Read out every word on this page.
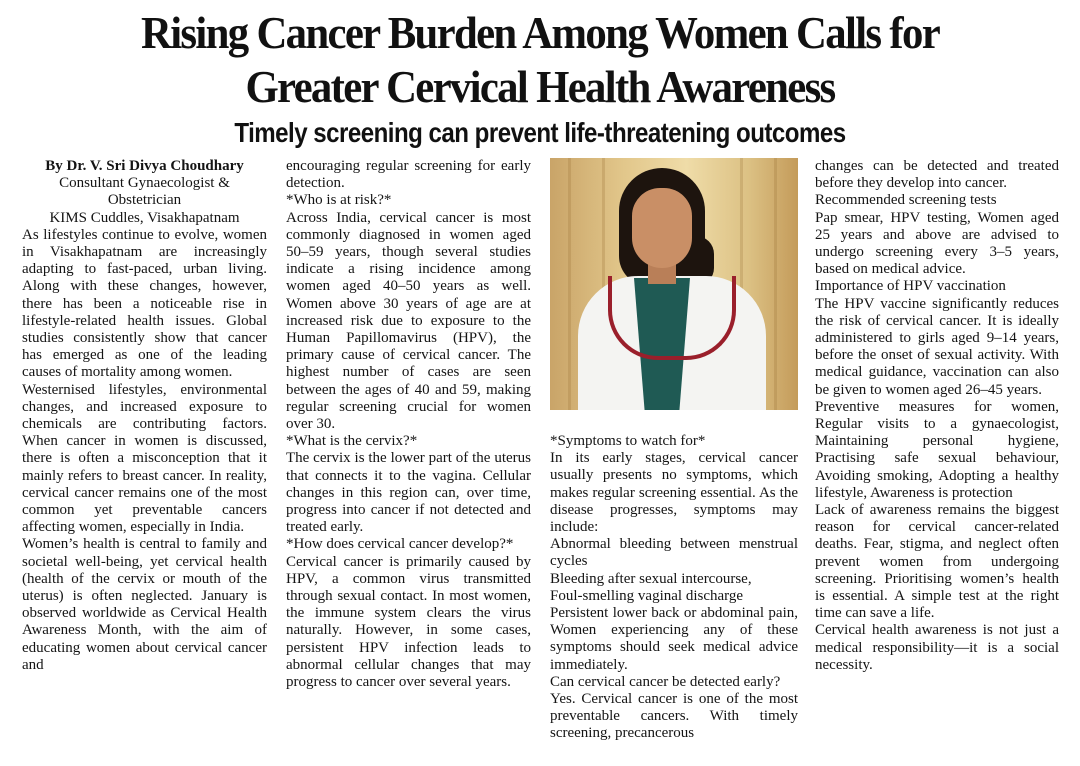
Rising Cancer Burden Among Women Calls for
Greater Cervical Health Awareness
Timely screening can prevent life-threatening outcomes

By Dr. V. Sri Divya Choudhary

Consultant Gynaecologist &

Obstetrician

KIMS Cuddles, Visakhapatnam

As lifestyles continue to evolve, women in Visakhapatnam are increasingly adapting to fast-paced, urban living. Along with these changes, however, there has been a noticeable rise in lifestyle-related health issues. Global studies consistently show that cancer has emerged as one of the leading causes of mortality among women.

Westernised lifestyles, environmental changes, and increased exposure to chemicals are contributing factors. When cancer in women is discussed, there is often a misconception that it mainly refers to breast cancer. In reality, cervical cancer remains one of the most common yet preventable cancers affecting women, especially in India.

Women’s health is central to family and societal well-being, yet cervical health (health of the cervix or mouth of the uterus) is often neglected. January is observed worldwide as Cervical Health Awareness Month, with the aim of educating women about cervical cancer and

encouraging regular screening for early detection.

*Who is at risk?*

Across India, cervical cancer is most commonly diagnosed in women aged 50–59 years, though several studies indicate a rising incidence among women aged 40–50 years as well. Women above 30 years of age are at increased risk due to exposure to the Human Papillomavirus (HPV), the primary cause of cervical cancer. The highest number of cases are seen between the ages of 40 and 59, making regular screening crucial for women over 30.

*What is the cervix?*

The cervix is the lower part of the uterus that connects it to the vagina. Cellular changes in this region can, over time, progress into cancer if not detected and treated early.

*How does cervical cancer develop?*

Cervical cancer is primarily caused by HPV, a common virus transmitted through sexual contact. In most women, the immune system clears the virus naturally. However, in some cases, persistent HPV infection leads to abnormal cellular changes that may progress to cancer over several years.

*Symptoms to watch for*

In its early stages, cervical cancer usually presents no symptoms, which makes regular screening essential. As the disease progresses, symptoms may include:

Abnormal bleeding between menstrual cycles

Bleeding after sexual intercourse,

Foul-smelling vaginal discharge

Persistent lower back or abdominal pain, Women experiencing any of these symptoms should seek medical advice immediately.

Can cervical cancer be detected early?

Yes. Cervical cancer is one of the most preventable cancers. With timely screening, precancerous

changes can be detected and treated before they develop into cancer.

Recommended screening tests

Pap smear, HPV testing, Women aged 25 years and above are advised to undergo screening every 3–5 years, based on medical advice.

Importance of HPV vaccination

The HPV vaccine significantly reduces the risk of cervical cancer. It is ideally administered to girls aged 9–14 years, before the onset of sexual activity. With medical guidance, vaccination can also be given to women aged 26–45 years.

Preventive measures for women, Regular visits to a gynaecologist, Maintaining personal hygiene, Practising safe sexual behaviour, Avoiding smoking, Adopting a healthy lifestyle, Awareness is protection

Lack of awareness remains the biggest reason for cervical cancer-related deaths. Fear, stigma, and neglect often prevent women from undergoing screening. Prioritising women’s health is essential. A simple test at the right time can save a life.

Cervical health awareness is not just a medical responsibility—it is a social necessity.
